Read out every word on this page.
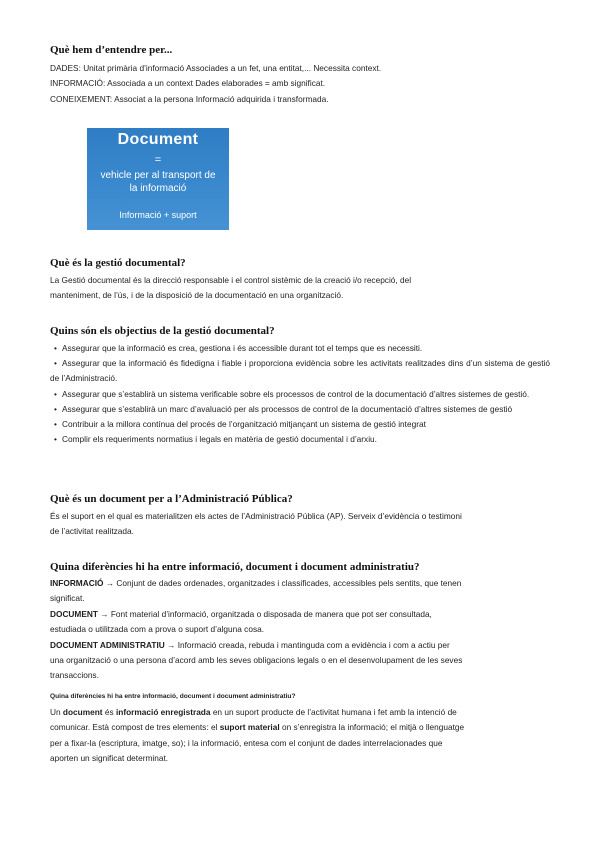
Què hem d’entendre per...
DADES: Unitat primària d’informació Associades a un fet, una entitat,... Necessita context.
INFORMACIÓ: Associada a un context Dades elaborades = amb significat.
CONEIXEMENT: Associat a la persona Informació adquirida i transformada.
Document
=
vehicle per al transport de
la informació
Informació + suport
Què és la gestió documental?
La Gestió documental és la direcció responsable i el control sistèmic de la creació i/o recepció, del
manteniment, de l’ús, i de la disposició de la documentació en una organització.
Quins són els objectius de la gestió documental?
• Assegurar que la informació es crea, gestiona i és accessible durant tot el temps que es necessiti.
• Assegurar que la informació és fidedigna i fiable i proporciona evidència sobre les activitats realitzades dins d’un sistema de gestió de l’Administració.
• Assegurar que s’establirà un sistema verificable sobre els processos de control de la documentació d’altres sistemes de gestió.
• Assegurar que s’establirà un marc d’avaluació per als processos de control de la documentació d’altres sistemes de gestió
• Contribuir a la millora contínua del procés de l’organització mitjançant un sistema de gestió integrat
• Complir els requeriments normatius i legals en matèria de gestió documental i d’arxiu.
Què és un document per a l’Administració Pública?
És el suport en el qual es materialitzen els actes de l’Administració Pública (AP). Serveix d’evidència o testimoni
de l’activitat realitzada.
Quina diferències hi ha entre informació, document i document administratiu?
INFORMACIÓ → Conjunt de dades ordenades, organitzades i classificades, accessibles pels sentits, que tenen
significat.
DOCUMENT → Font material d’informació, organitzada o disposada de manera que pot ser consultada,
estudiada o utilitzada com a prova o suport d’alguna cosa.
DOCUMENT ADMINISTRATIU → Informació creada, rebuda i mantinguda com a evidència i com a actiu per
una organització o una persona d’acord amb les seves obligacions legals o en el desenvolupament de les seves
transaccions.
Quina diferències hi ha entre informació, document i document administratiu?
Un document és informació enregistrada en un suport producte de l’activitat humana i fet amb la intenció de
comunicar. Està compost de tres elements: el suport material on s’enregistra la informació; el mitjà o llenguatge
per a fixar-la (escriptura, imatge, so); i la informació, entesa com el conjunt de dades interrelacionades que
aporten un significat determinat.
